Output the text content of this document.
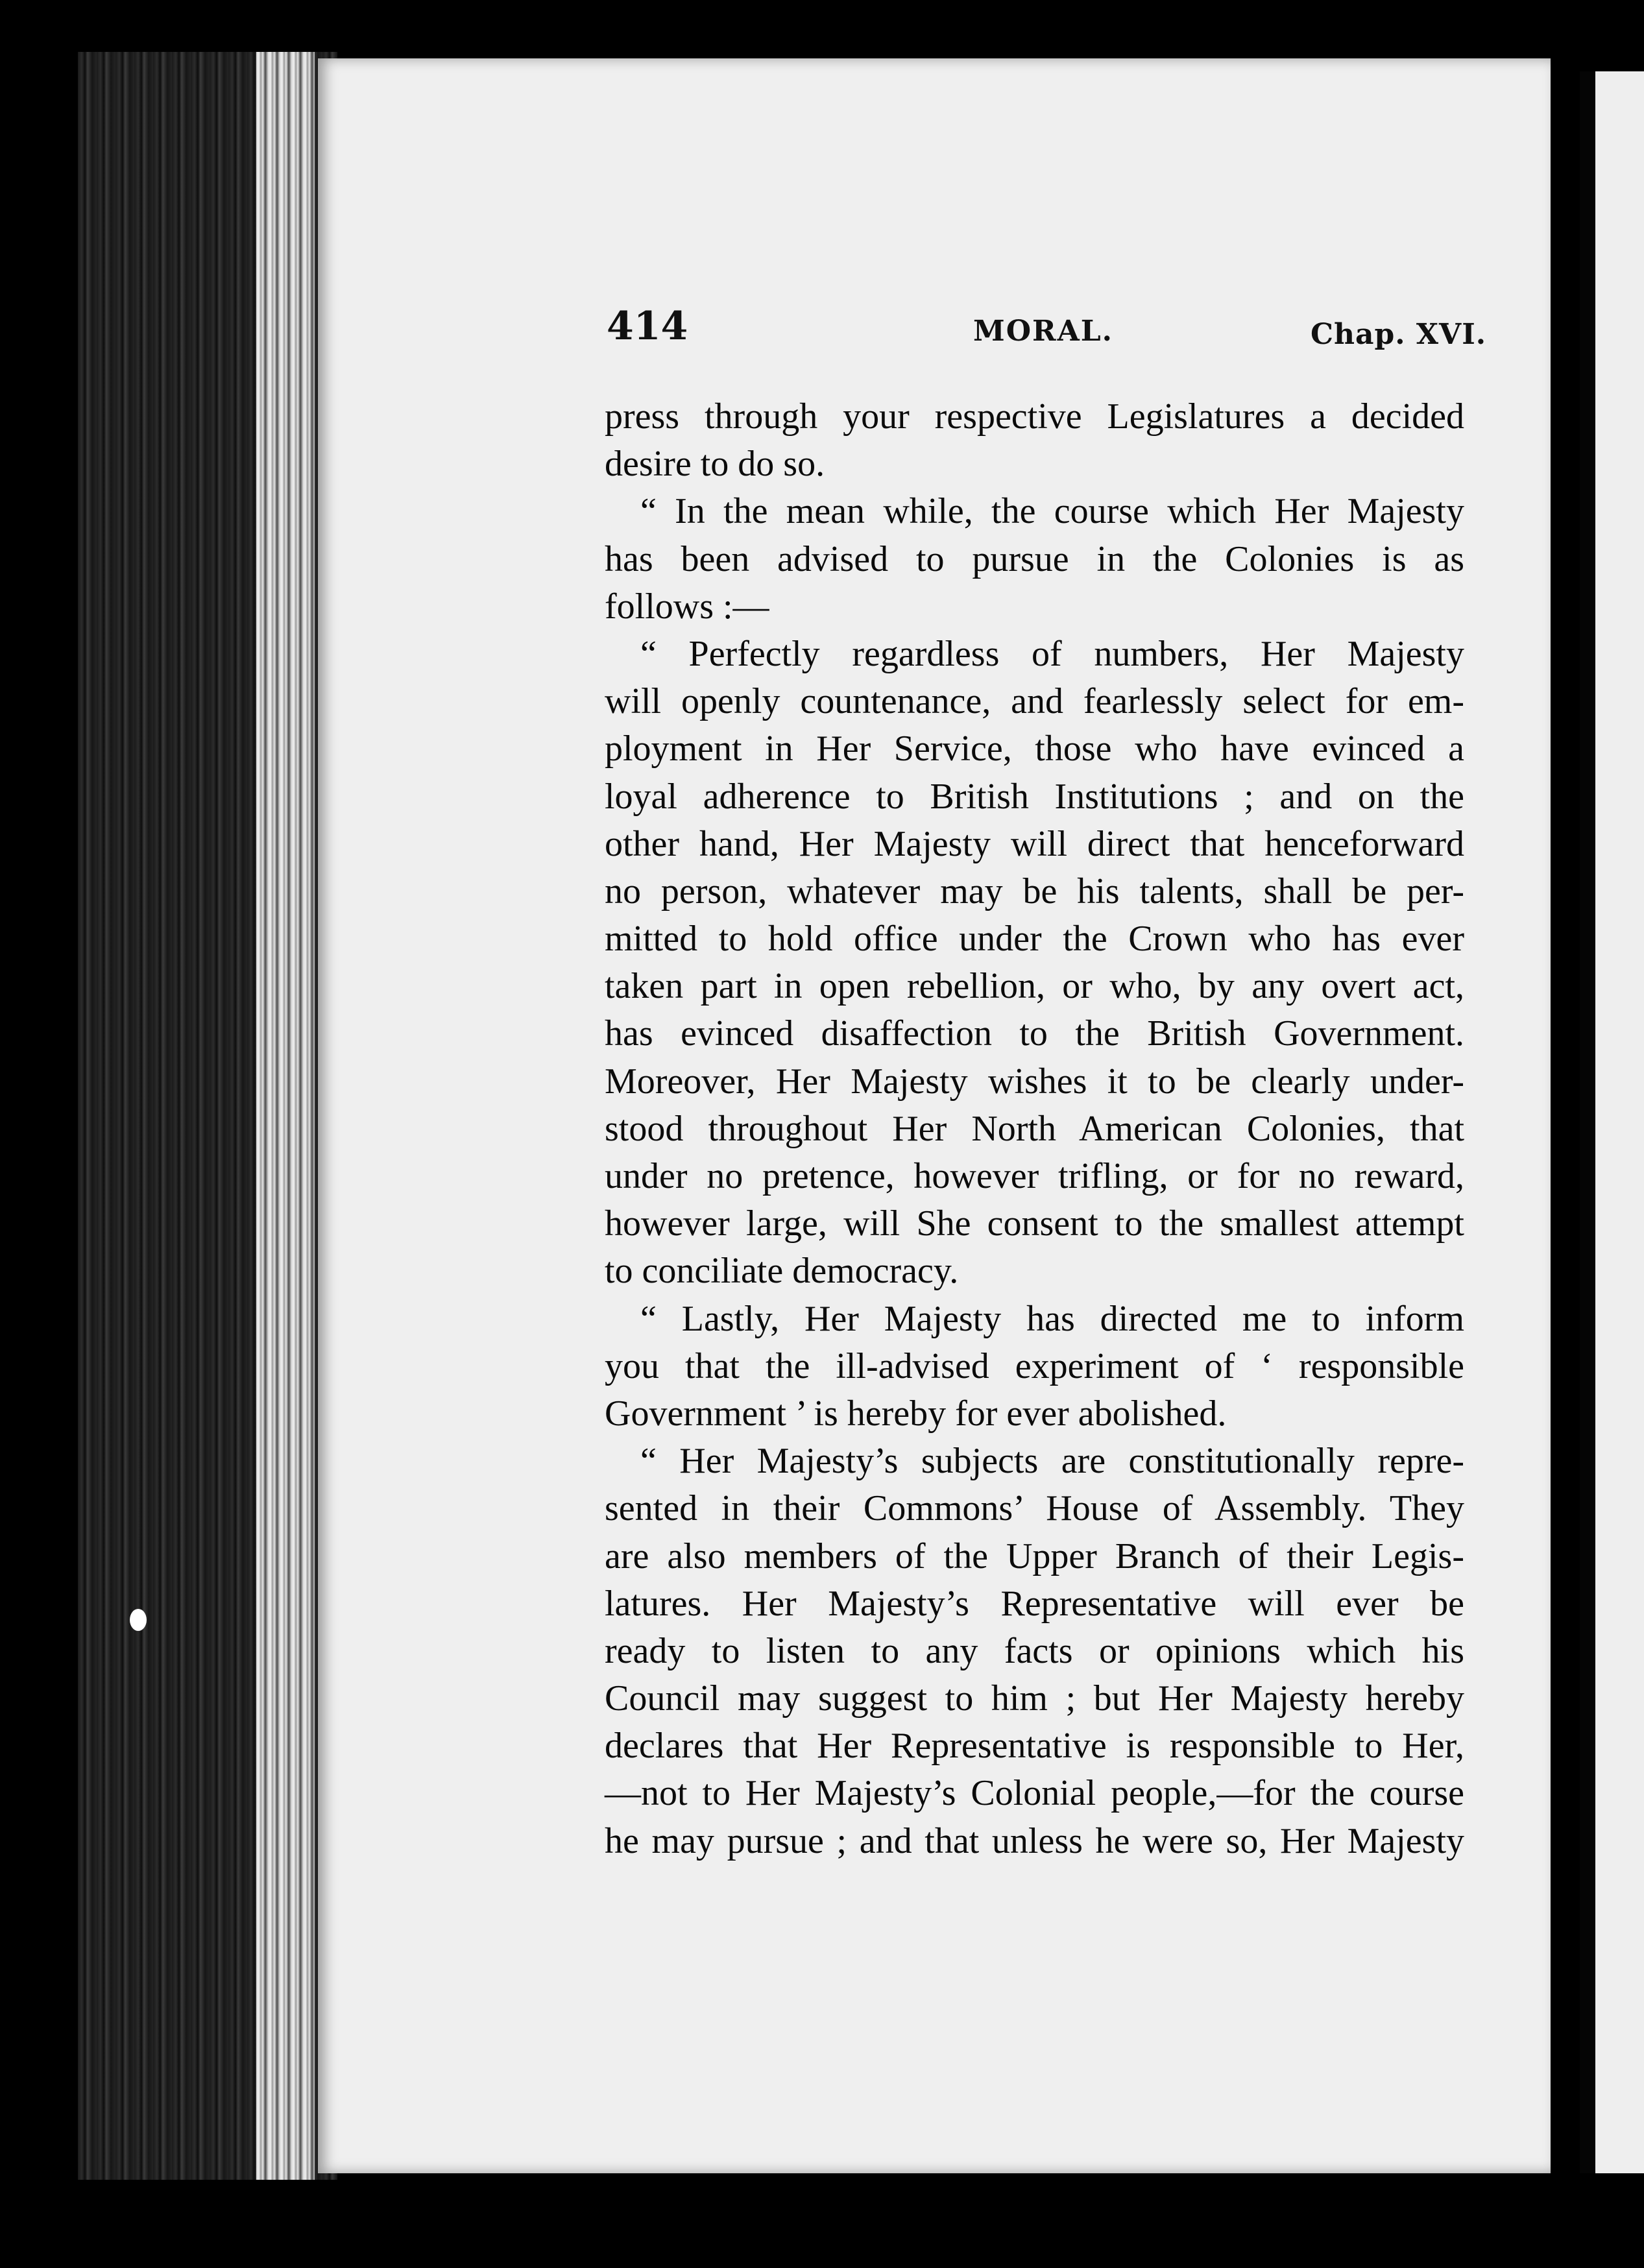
414	MORAL.	Chap. XVI.
press through your respective Legislatures a decided
desire to do so.
“ In the mean while, the course which Her Majesty
has been advised to pursue in the Colonies is as
follows :—
“ Perfectly regardless of numbers, Her Majesty
will openly countenance, and fearlessly select for em-
ployment in Her Service, those who have evinced a
loyal adherence to British Institutions ; and on the
other hand, Her Majesty will direct that henceforward
no person, whatever may be his talents, shall be per-
mitted to hold office under the Crown who has ever
taken part in open rebellion, or who, by any overt act,
has evinced disaffection to the British Government.
Moreover, Her Majesty wishes it to be clearly under-
stood throughout Her North American Colonies, that
under no pretence, however trifling, or for no reward,
however large, will She consent to the smallest attempt
to conciliate democracy.
“ Lastly, Her Majesty has directed me to inform
you that the ill-advised experiment of ‘ responsible
Government ’ is hereby for ever abolished.
“ Her Majesty’s subjects are constitutionally repre-
sented in their Commons’ House of Assembly. They
are also members of the Upper Branch of their Legis-
latures. Her Majesty’s Representative will ever be
ready to listen to any facts or opinions which his
Council may suggest to him ; but Her Majesty hereby
declares that Her Representative is responsible to Her,
—not to Her Majesty’s Colonial people,—for the course
he may pursue ; and that unless he were so, Her Majesty
